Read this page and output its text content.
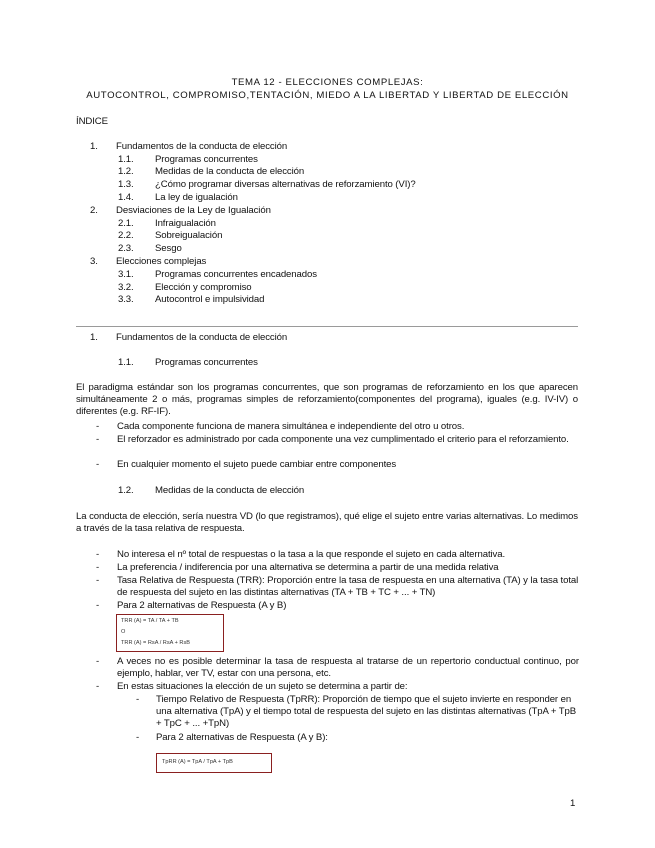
TEMA 12 - ELECCIONES COMPLEJAS:
AUTOCONTROL, COMPROMISO,TENTACIÓN, MIEDO A LA LIBERTAD Y LIBERTAD DE ELECCIÓN
ÍNDICE
1. Fundamentos de la conducta de elección
1.1. Programas concurrentes
1.2. Medidas de la conducta de elección
1.3. ¿Cómo programar diversas alternativas de reforzamiento (VI)?
1.4. La ley de igualación
2. Desviaciones de la Ley de Igualación
2.1. Infraigualación
2.2. Sobreigualación
2.3. Sesgo
3. Elecciones complejas
3.1. Programas concurrentes encadenados
3.2. Elección y compromiso
3.3. Autocontrol e impulsividad
1. Fundamentos de la conducta de elección
1.1. Programas concurrentes
El paradigma estándar son los programas concurrentes, que son programas de reforzamiento en los que aparecen simultáneamente 2 o más, programas simples de reforzamiento(componentes del programa), iguales (e.g. IV-IV) o diferentes (e.g. RF-IF).
- Cada componente funciona de manera simultánea e independiente del otro u otros.
- El reforzador es administrado por cada componente una vez cumplimentado el criterio para el reforzamiento.
- En cualquier momento el sujeto puede cambiar entre componentes
1.2. Medidas de la conducta de elección
La conducta de elección, sería nuestra VD (lo que registramos), qué elige el sujeto entre varias alternativas. Lo medimos a través de la tasa relativa de respuesta.
- No interesa el nº total de respuestas o la tasa a la que responde el sujeto en cada alternativa.
- La preferencia / indiferencia por una alternativa se determina a partir de una medida relativa
- Tasa Relativa de Respuesta (TRR): Proporción entre la tasa de respuesta en una alternativa (TA) y la tasa total de respuesta del sujeto en las distintas alternativas (TA + TB + TC + ... + TN)
- Para 2 alternativas de Respuesta (A y B)
TRR (A) = TA / TA + TB
O
TRR (A) = RsA / RsA + RsB
- A veces no es posible determinar la tasa de respuesta al tratarse de un repertorio conductual continuo, por ejemplo, hablar, ver TV, estar con una persona, etc.
- En estas situaciones la elección de un sujeto se determina a partir de:
- Tiempo Relativo de Respuesta (TpRR): Proporción de tiempo que el sujeto invierte en responder en una alternativa (TpA) y el tiempo total de respuesta del sujeto en las distintas alternativas (TpA + TpB + TpC + ... +TpN)
- Para 2 alternativas de Respuesta (A y B):
TpRR (A) = TpA / TpA + TpB
1
